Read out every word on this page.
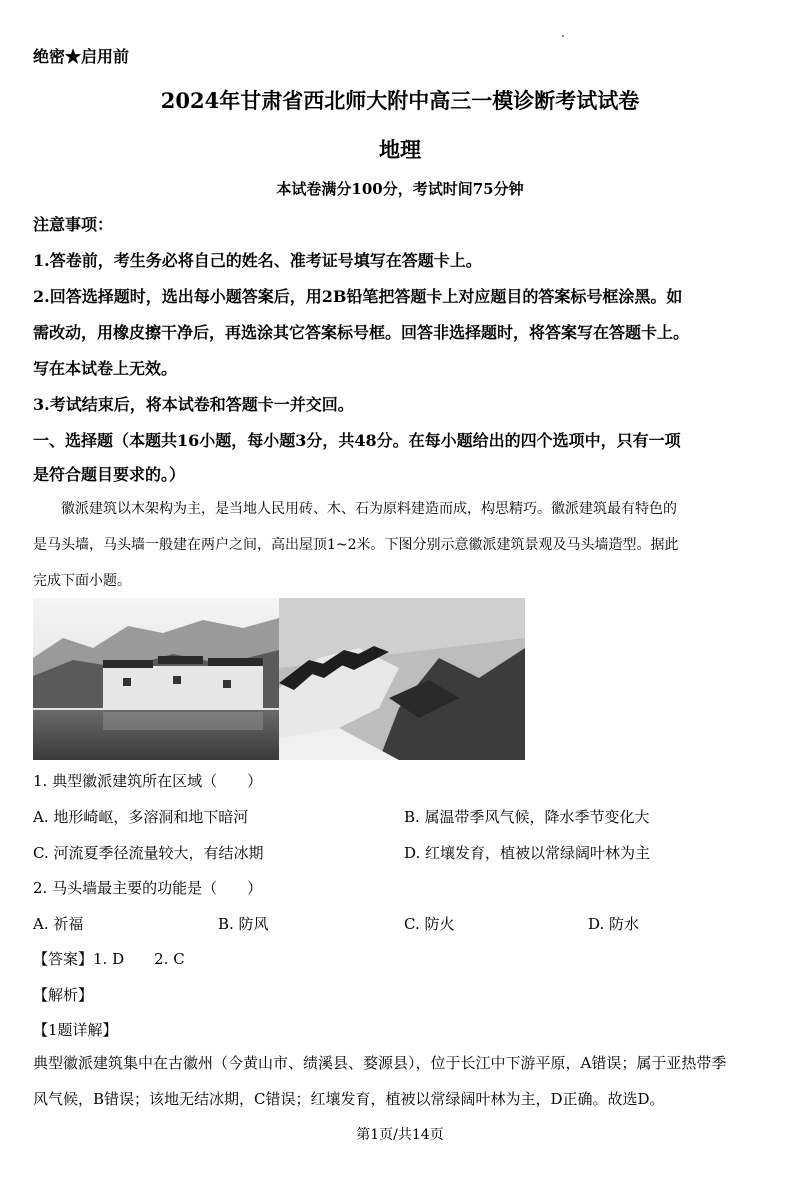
绝密★启用前
2024年甘肃省西北师大附中高三一模诊断考试试卷
地理
本试卷满分100分，考试时间75分钟
注意事项：
1.答卷前，考生务必将自己的姓名、准考证号填写在答题卡上。
2.回答选择题时，选出每小题答案后，用2B铅笔把答题卡上对应题目的答案标号框涂黑。如
需改动，用橡皮擦干净后，再选涂其它答案标号框。回答非选择题时，将答案写在答题卡上。
写在本试卷上无效。
3.考试结束后，将本试卷和答题卡一并交回。
一、选择题（本题共16小题，每小题3分，共48分。在每小题给出的四个选项中，只有一项
是符合题目要求的。）
徽派建筑以木架构为主，是当地人民用砖、木、石为原料建造而成，构思精巧。徽派建筑最有特色的
是马头墙，马头墙一般建在两户之间，高出屋顶1~2米。下图分别示意徽派建筑景观及马头墙造型。据此
完成下面小题。
1. 典型徽派建筑所在区域（　　）
A. 地形崎岖，多溶洞和地下暗河	B. 属温带季风气候，降水季节变化大
C. 河流夏季径流量较大，有结冰期	D. 红壤发育，植被以常绿阔叶林为主
2. 马头墙最主要的功能是（　　）
A. 祈福	B. 防风	C. 防火	D. 防水
【答案】1. D 2. C
【解析】
【1题详解】
典型徽派建筑集中在古徽州（今黄山市、绩溪县、婺源县），位于长江中下游平原，A错误；属于亚热带季
风气候，B错误；该地无结冰期，C错误；红壤发育，植被以常绿阔叶林为主，D正确。故选D。
第1页/共14页
